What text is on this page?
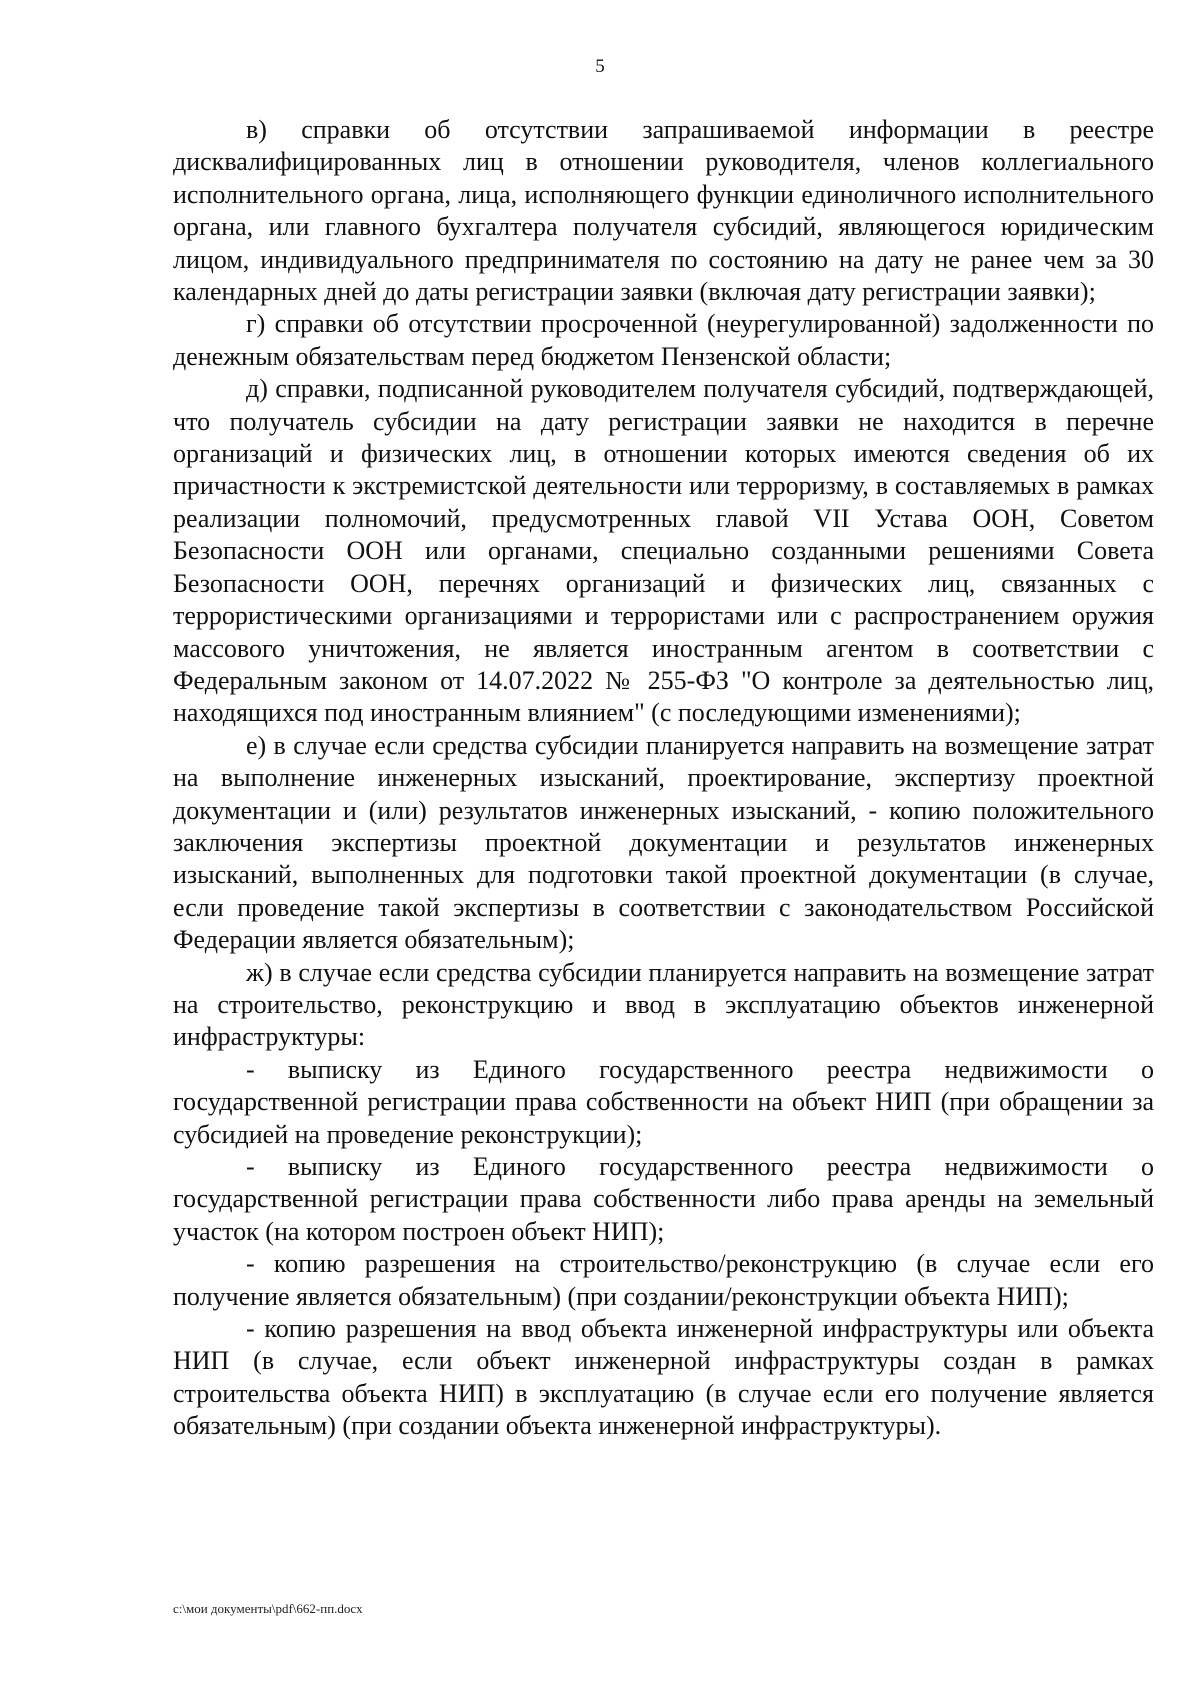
5

в) справки об отсутствии запрашиваемой информации в реестре дисквалифицированных лиц в отношении руководителя, членов коллегиального исполнительного органа, лица, исполняющего функции единоличного исполнительного органа, или главного бухгалтера получателя субсидий, являющегося юридическим лицом, индивидуального предпринимателя по состоянию на дату не ранее чем за 30 календарных дней до даты регистрации заявки (включая дату регистрации заявки);

г) справки об отсутствии просроченной (неурегулированной) задолженности по денежным обязательствам перед бюджетом Пензенской области;

д) справки, подписанной руководителем получателя субсидий, подтверждающей, что получатель субсидии на дату регистрации заявки не находится в перечне организаций и физических лиц, в отношении которых имеются сведения об их причастности к экстремистской деятельности или терроризму, в составляемых в рамках реализации полномочий, предусмотренных главой VII Устава ООН, Советом Безопасности ООН или органами, специально созданными решениями Совета Безопасности ООН, перечнях организаций и физических лиц, связанных с террористическими организациями и террористами или с распространением оружия массового уничтожения, не является иностранным агентом в соответствии с Федеральным законом от 14.07.2022 № 255-ФЗ "О контроле за деятельностью лиц, находящихся под иностранным влиянием" (с последующими изменениями);

е) в случае если средства субсидии планируется направить на возмещение затрат на выполнение инженерных изысканий, проектирование, экспертизу проектной документации и (или) результатов инженерных изысканий, - копию положительного заключения экспертизы проектной документации и результатов инженерных изысканий, выполненных для подготовки такой проектной документации (в случае, если проведение такой экспертизы в соответствии с законодательством Российской Федерации является обязательным);

ж) в случае если средства субсидии планируется направить на возмещение затрат на строительство, реконструкцию и ввод в эксплуатацию объектов инженерной инфраструктуры:

- выписку из Единого государственного реестра недвижимости о государственной регистрации права собственности на объект НИП (при обращении за субсидией на проведение реконструкции);

- выписку из Единого государственного реестра недвижимости о государственной регистрации права собственности либо права аренды на земельный участок (на котором построен объект НИП);

- копию разрешения на строительство/реконструкцию (в случае если его получение является обязательным) (при создании/реконструкции объекта НИП);

- копию разрешения на ввод объекта инженерной инфраструктуры или объекта НИП (в случае, если объект инженерной инфраструктуры создан в рамках строительства объекта НИП) в эксплуатацию (в случае если его получение является обязательным) (при создании объекта инженерной инфраструктуры).

c:\мои документы\pdf\662-пп.docx
